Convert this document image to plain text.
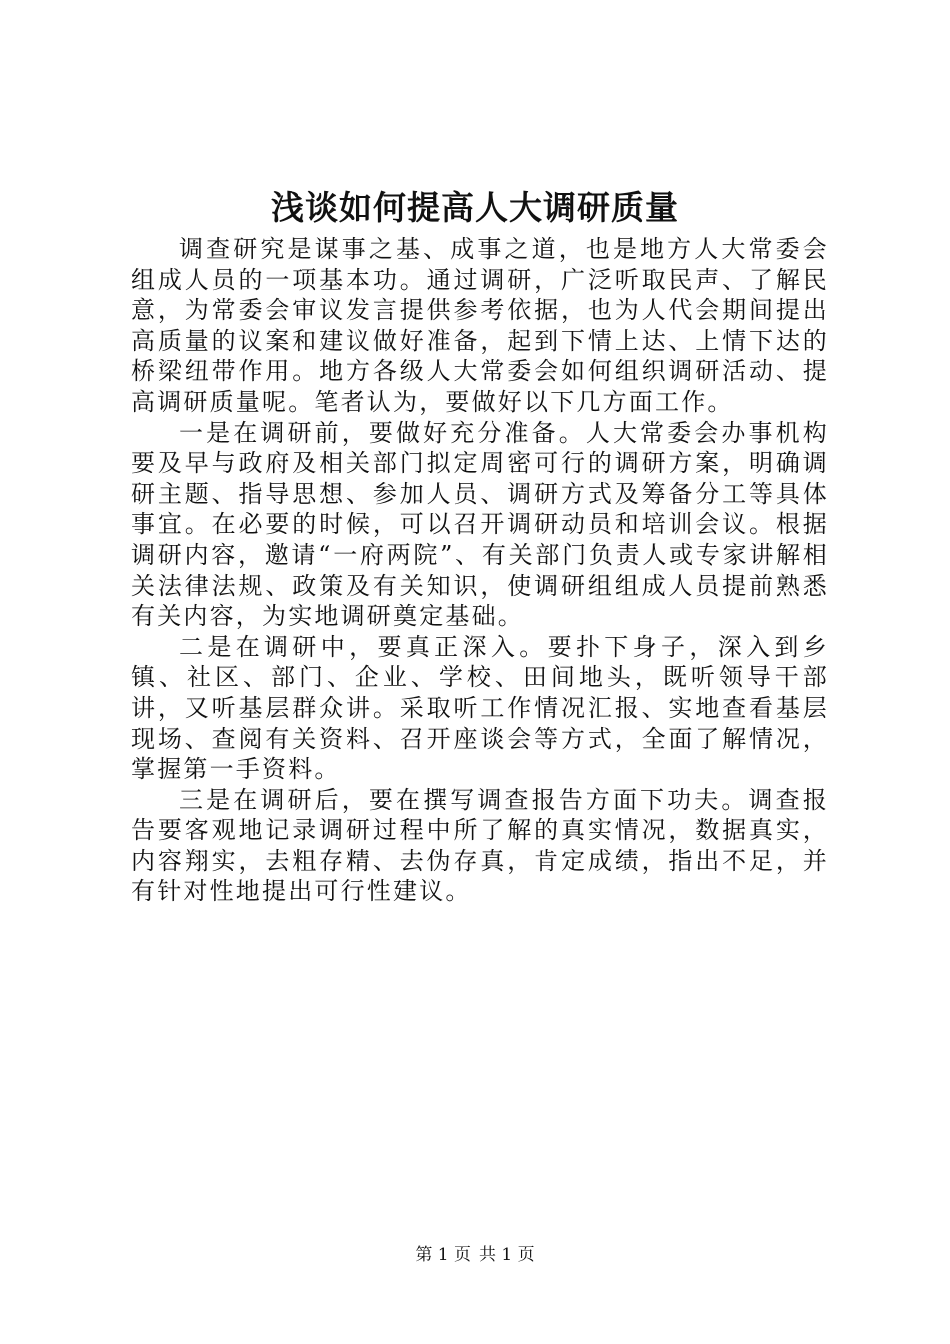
浅谈如何提高人大调研质量

调查研究是谋事之基、成事之道，也是地方人大常委会组成人员的一项基本功。通过调研，广泛听取民声、了解民意，为常委会审议发言提供参考依据，也为人代会期间提出高质量的议案和建议做好准备，起到下情上达、上情下达的桥梁纽带作用。地方各级人大常委会如何组织调研活动、提高调研质量呢。笔者认为，要做好以下几方面工作。

一是在调研前，要做好充分准备。人大常委会办事机构要及早与政府及相关部门拟定周密可行的调研方案，明确调研主题、指导思想、参加人员、调研方式及筹备分工等具体事宜。在必要的时候，可以召开调研动员和培训会议。根据调研内容，邀请“一府两院”、有关部门负责人或专家讲解相关法律法规、政策及有关知识，使调研组组成人员提前熟悉有关内容，为实地调研奠定基础。

二是在调研中，要真正深入。要扑下身子，深入到乡镇、社区、部门、企业、学校、田间地头，既听领导干部讲，又听基层群众讲。采取听工作情况汇报、实地查看基层现场、查阅有关资料、召开座谈会等方式，全面了解情况，掌握第一手资料。

三是在调研后，要在撰写调查报告方面下功夫。调查报告要客观地记录调研过程中所了解的真实情况，数据真实，内容翔实，去粗存精、去伪存真，肯定成绩，指出不足，并有针对性地提出可行性建议。

第 1 页 共 1 页
